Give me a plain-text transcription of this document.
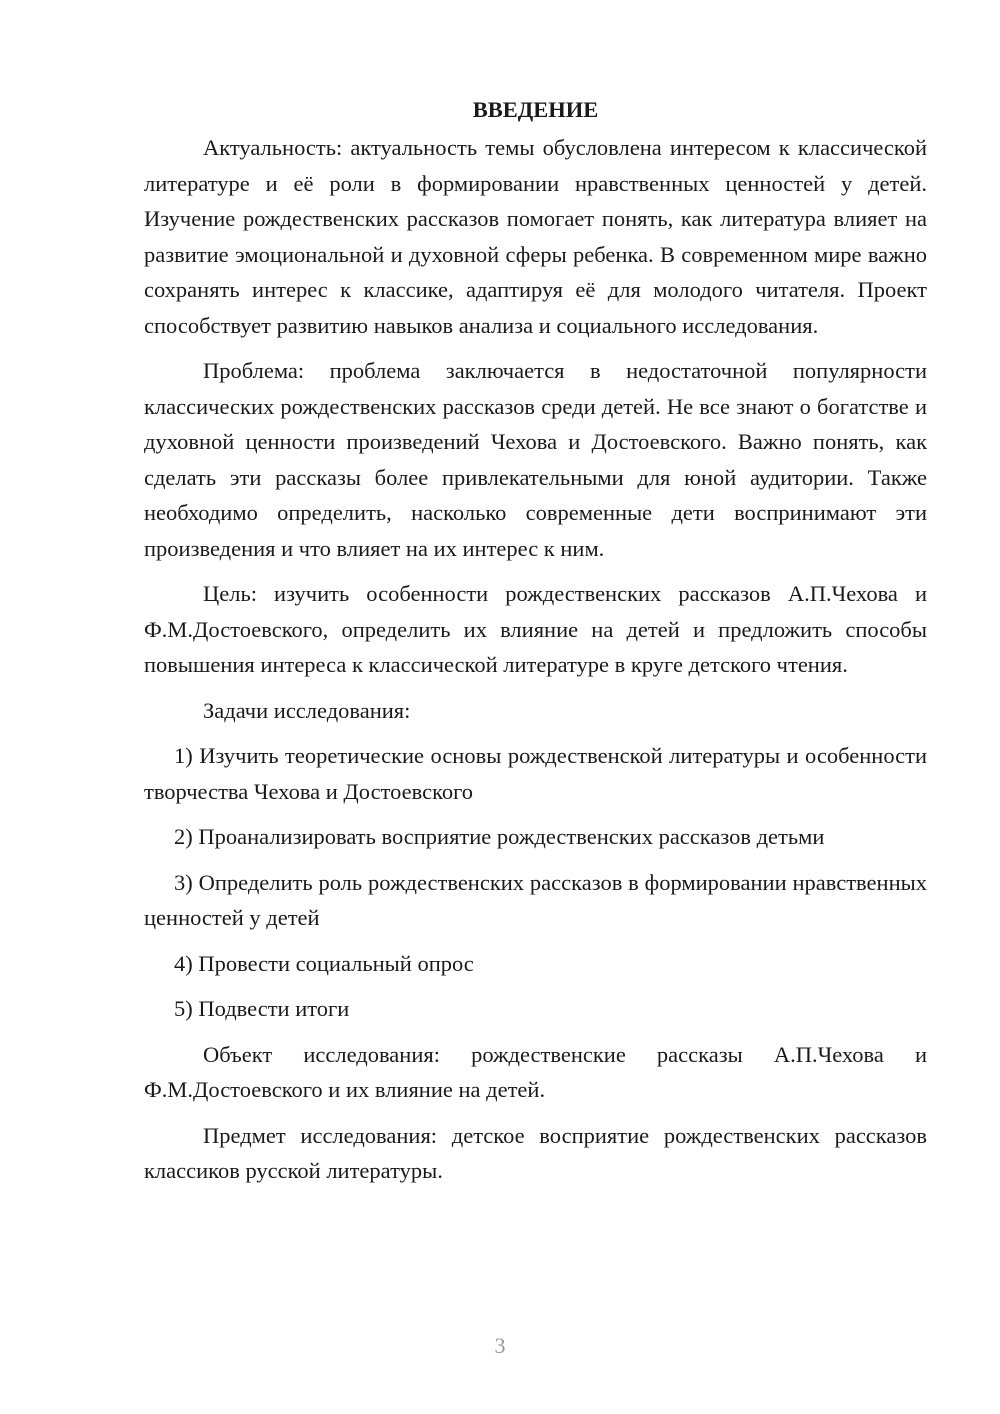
ВВЕДЕНИЕ

Актуальность: актуальность темы обусловлена интересом к классической литературе и её роли в формировании нравственных ценностей у детей. Изучение рождественских рассказов помогает понять, как литература влияет на развитие эмоциональной и духовной сферы ребенка. В современном мире важно сохранять интерес к классике, адаптируя её для молодого читателя. Проект способствует развитию навыков анализа и социального исследования.

Проблема: проблема заключается в недостаточной популярности классических рождественских рассказов среди детей. Не все знают о богатстве и духовной ценности произведений Чехова и Достоевского. Важно понять, как сделать эти рассказы более привлекательными для юной аудитории. Также необходимо определить, насколько современные дети воспринимают эти произведения и что влияет на их интерес к ним.

Цель: изучить особенности рождественских рассказов А.П.Чехова и Ф.М.Достоевского, определить их влияние на детей и предложить способы повышения интереса к классической литературе в круге детского чтения.

Задачи исследования:

1) Изучить теоретические основы рождественской литературы и особенности творчества Чехова и Достоевского

2) Проанализировать восприятие рождественских рассказов детьми

3) Определить роль рождественских рассказов в формировании нравственных ценностей у детей

4) Провести социальный опрос

5) Подвести итоги

Объект исследования: рождественские рассказы А.П.Чехова и Ф.М.Достоевского и их влияние на детей.

Предмет исследования: детское восприятие рождественских рассказов классиков русской литературы.

3
